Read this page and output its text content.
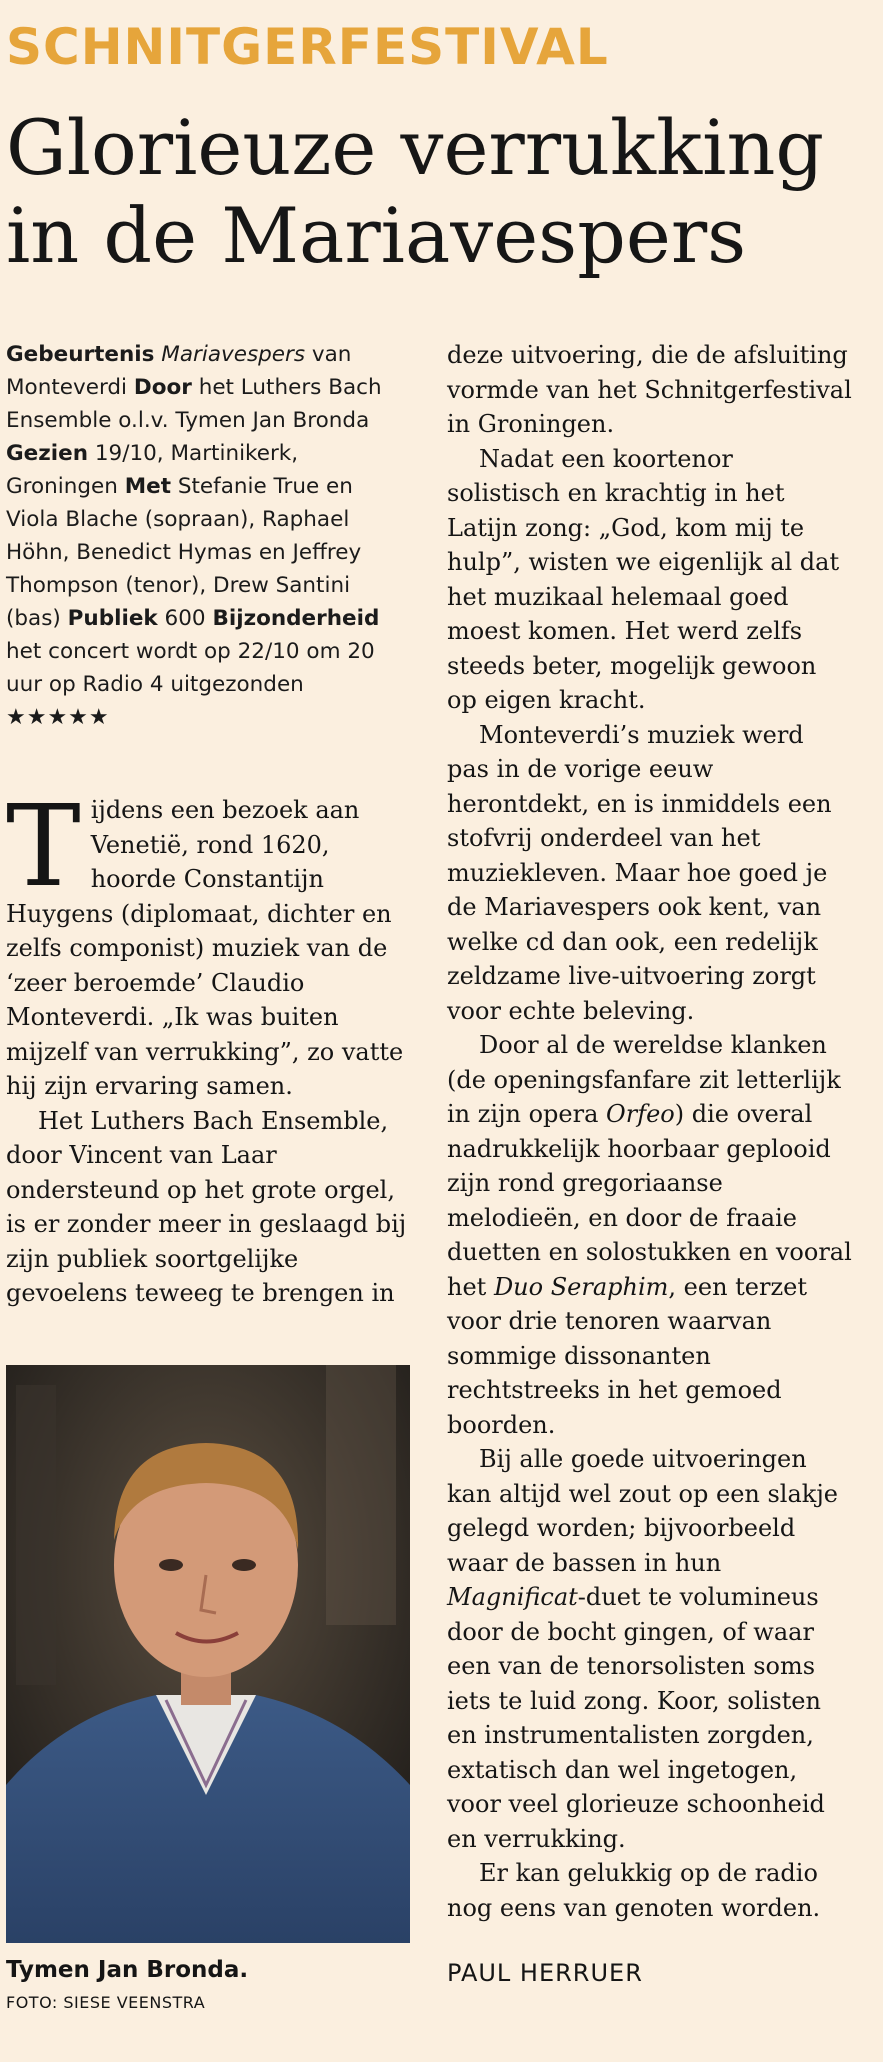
SCHNITGERFESTIVAL
Glorieuze verrukking
in de Mariavespers

Gebeurtenis Mariavespers van Monteverdi Door het Luthers Bach Ensemble o.l.v. Tymen Jan Bronda Gezien 19/10, Martinikerk, Groningen Met Stefanie True en Viola Blache (sopraan), Raphael Höhn, Benedict Hymas en Jeffrey Thompson (tenor), Drew Santini (bas) Publiek 600 Bijzonderheid het concert wordt op 22/10 om 20 uur op Radio 4 uitgezonden
★★★★★

Tijdens een bezoek aan Venetië, rond 1620, hoorde Constantijn Huygens (diplomaat, dichter en zelfs componist) muziek van de ‘zeer beroemde’ Claudio Monteverdi. „Ik was buiten mijzelf van verrukking”, zo vatte hij zijn ervaring samen.

Het Luthers Bach Ensemble, door Vincent van Laar ondersteund op het grote orgel, is er zonder meer in geslaagd bij zijn publiek soortgelijke gevoelens teweeg te brengen in

Tymen Jan Bronda.
FOTO: SIESE VEENSTRA

deze uitvoering, die de afsluiting vormde van het Schnitgerfestival in Groningen.

Nadat een koortenor solistisch en krachtig in het Latijn zong: „God, kom mij te hulp”, wisten we eigenlijk al dat het muzikaal helemaal goed moest komen. Het werd zelfs steeds beter, mogelijk gewoon op eigen kracht.

Monteverdi’s muziek werd pas in de vorige eeuw herontdekt, en is inmiddels een stofvrij onderdeel van het muziekleven. Maar hoe goed je de Mariavespers ook kent, van welke cd dan ook, een redelijk zeldzame live-uitvoering zorgt voor echte beleving.

Door al de wereldse klanken (de openingsfanfare zit letterlijk in zijn opera Orfeo) die overal nadrukkelijk hoorbaar geplooid zijn rond gregoriaanse melodieën, en door de fraaie duetten en solostukken en vooral het Duo Seraphim, een terzet voor drie tenoren waarvan sommige dissonanten rechtstreeks in het gemoed boorden.

Bij alle goede uitvoeringen kan altijd wel zout op een slakje gelegd worden; bijvoorbeeld waar de bassen in hun Magnificat-duet te volumineus door de bocht gingen, of waar een van de tenorsolisten soms iets te luid zong. Koor, solisten en instrumentalisten zorgden, extatisch dan wel ingetogen, voor veel glorieuze schoonheid en verrukking.

Er kan gelukkig op de radio nog eens van genoten worden.

PAUL HERRUER
